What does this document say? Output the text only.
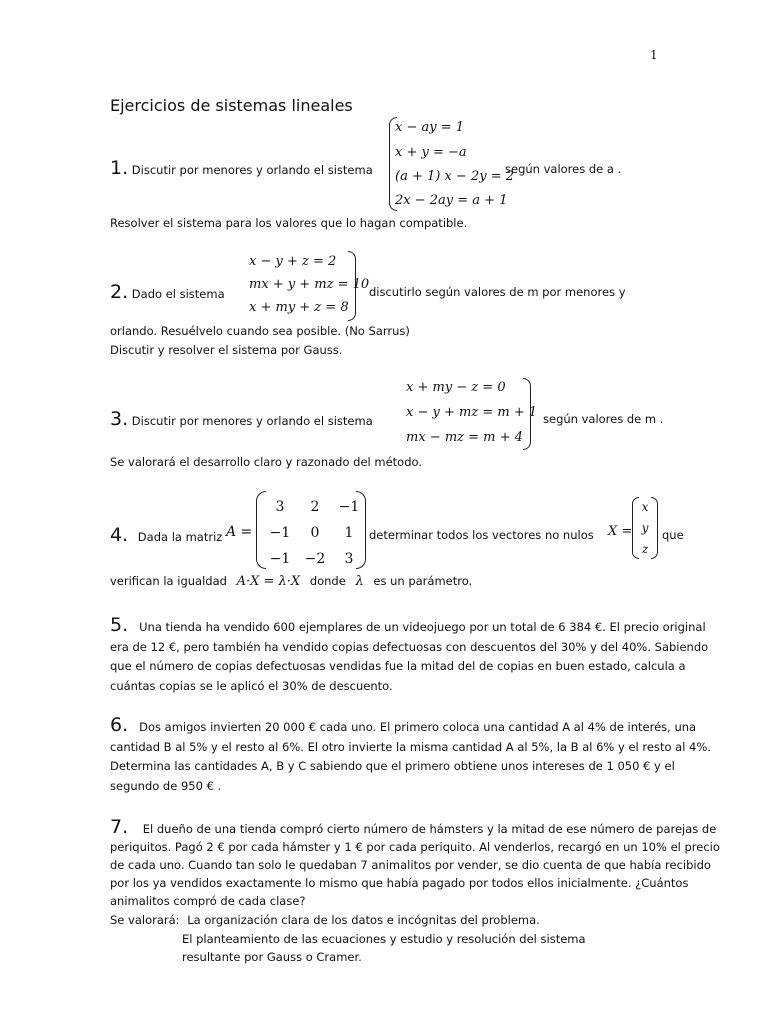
1
Ejercicios de sistemas lineales
1. Discutir por menores y orlando el sistema
x − ay = 1
x + y = −a
(a + 1) x − 2y = 2
2x − 2ay = a + 1
según valores de a .
Resolver el sistema para los valores que lo hagan compatible.
x − y + z = 2
mx + y + mz = 10
x + my + z = 8
2. Dado el sistema	discutirlo según valores de m por menores y
orlando. Resuélvelo cuando sea posible. (No Sarrus)
Discutir y resolver el sistema por Gauss.
x + my − z = 0
x − y + mz = m + 1
mx − mz = m + 4
3. Discutir por menores y orlando el sistema	según valores de m .
Se valorará el desarrollo claro y razonado del método.
4. Dada la matriz A =
3	2	−1
−1	0	1
−1	−2	3
determinar todos los vectores no nulos X =
x
y
z
que
verifican la igualdad A·X = λ·X donde λ es un parámetro.
5. Una tienda ha vendido 600 ejemplares de un videojuego por un total de 6 384 €. El precio original era de 12 €, pero también ha vendido copias defectuosas con descuentos del 30% y del 40%. Sabiendo que el número de copias defectuosas vendidas fue la mitad del de copias en buen estado, calcula a cuántas copias se le aplicó el 30% de descuento.
6. Dos amigos invierten 20 000 € cada uno. El primero coloca una cantidad A al 4% de interés, una cantidad B al 5% y el resto al 6%. El otro invierte la misma cantidad A al 5%, la B al 6% y el resto al 4%. Determina las cantidades A, B y C sabiendo que el primero obtiene unos intereses de 1 050 € y el segundo de 950 € .
7. El dueño de una tienda compró cierto número de hámsters y la mitad de ese número de parejas de periquitos. Pagó 2 € por cada hámster y 1 € por cada periquito. Al venderlos, recargó en un 10% el precio de cada uno. Cuando tan solo le quedaban 7 animalitos por vender, se dio cuenta de que había recibido por los ya vendidos exactamente lo mismo que había pagado por todos ellos inicialmente. ¿Cuántos animalitos compró de cada clase?
Se valorará: La organización clara de los datos e incógnitas del problema.
El planteamiento de las ecuaciones y estudio y resolución del sistema
resultante por Gauss o Cramer.
